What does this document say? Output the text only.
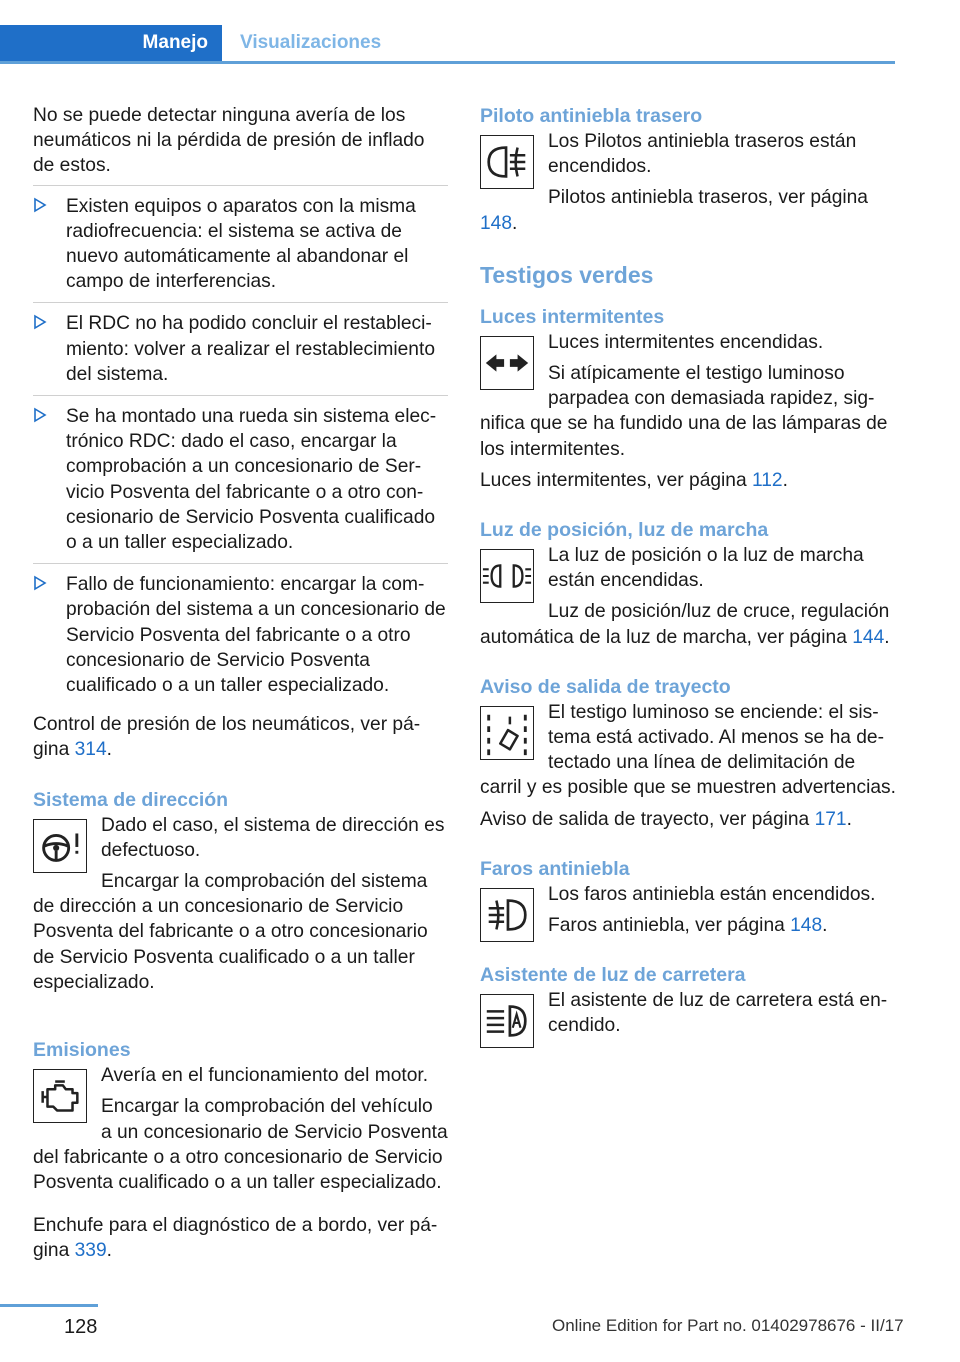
Manejo	Visualizaciones

No se puede detectar ninguna avería de los neumáticos ni la pérdida de presión de inflado de estos.

Existen equipos o aparatos con la misma radiofrecuencia: el sistema se activa de nuevo automáticamente al abandonar el campo de interferencias.
El RDC no ha podido concluir el restablecimiento: volver a realizar el restablecimiento del sistema.
Se ha montado una rueda sin sistema electrónico RDC: dado el caso, encargar la comprobación a un concesionario de Servicio Posventa del fabricante o a otro concesionario de Servicio Posventa cualificado o a un taller especializado.
Fallo de funcionamiento: encargar la comprobación del sistema a un concesionario de Servicio Posventa del fabricante o a otro concesionario de Servicio Posventa cualificado o a un taller especializado.

Control de presión de los neumáticos, ver página 314.

Sistema de dirección

Dado el caso, el sistema de dirección es defectuoso.

Encargar la comprobación del sistema de dirección a un concesionario de Servicio Posventa del fabricante o a otro concesionario de Servicio Posventa cualificado o a un taller especializado.

Emisiones

Avería en el funcionamiento del motor.

Encargar la comprobación del vehículo a un concesionario de Servicio Posventa del fabricante o a otro concesionario de Servicio Posventa cualificado o a un taller especializado.

Enchufe para el diagnóstico de a bordo, ver página 339.

Piloto antiniebla trasero

Los Pilotos antiniebla traseros están encendidos.

Pilotos antiniebla traseros, ver página 148.

Testigos verdes
Luces intermitentes

Luces intermitentes encendidas.

Si atípicamente el testigo luminoso parpadea con demasiada rapidez, significa que se ha fundido una de las lámparas de los intermitentes.

Luces intermitentes, ver página 112.

Luz de posición, luz de marcha

La luz de posición o la luz de marcha están encendidas.

Luz de posición/luz de cruce, regulación automática de la luz de marcha, ver página 144.

Aviso de salida de trayecto

El testigo luminoso se enciende: el sistema está activado. Al menos se ha detectado una línea de delimitación de carril y es posible que se muestren advertencias.

Aviso de salida de trayecto, ver página 171.

Faros antiniebla

Los faros antiniebla están encendidos.

Faros antiniebla, ver página 148.

Asistente de luz de carretera

El asistente de luz de carretera está encendido.

128	Online Edition for Part no. 01402978676 - II/17
